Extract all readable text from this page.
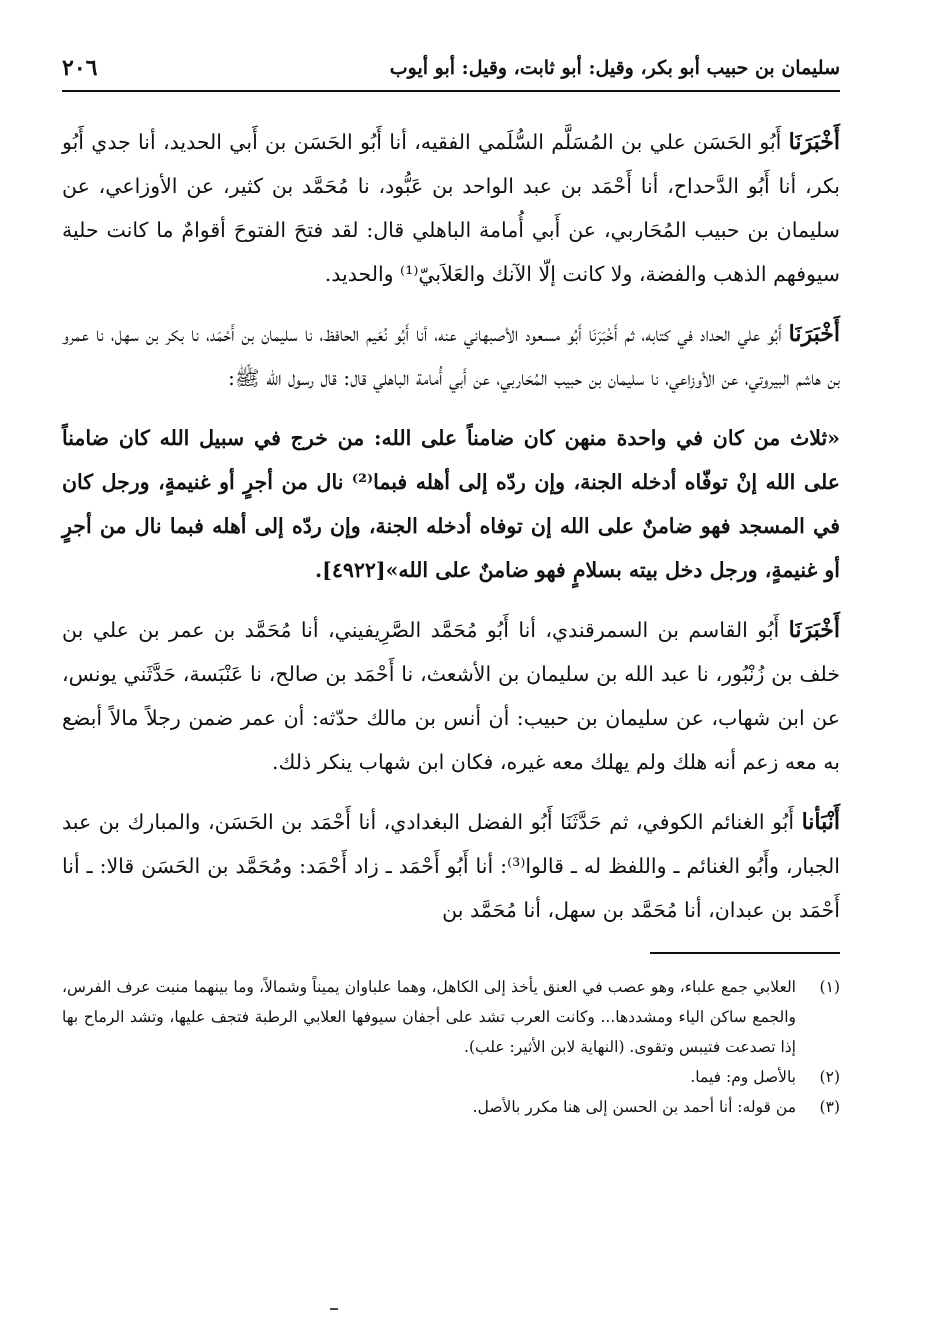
سليمان بن حبيب أبو بكر، وقيل: أبو ثابت، وقيل: أبو أيوب
٢٠٦

أَخْبَرَنَا أَبُو الحَسَن علي بن المُسَلَّم السُّلَمي الفقيه، أنا أَبُو الحَسَن بن أَبي الحديد، أنا جدي أَبُو بكر، أنا أَبُو الدَّحداح، أنا أَحْمَد بن عبد الواحد بن عَبُّود، نا مُحَمَّد بن كثير، عن الأوزاعي، عن سليمان بن حبيب المُحَاربي، عن أَبي أُمامة الباهلي قال: لقد فتحَ الفتوحَ أقوامٌ ما كانت حلية سيوفهم الذهب والفضة، ولا كانت إلّا الآنك والعَلاَبيّ⁽¹⁾ والحديد.

أَخْبَرَنَا أَبُو علي الحداد في كتابه، ثم أَخْبَرَنَا أَبُو مسعود الأصبهاني عنه، أنا أَبُو نُعَيم الحافظ، نا سليمان بن أَحْمَد، نا بكر بن سهل، نا عمرو بن هاشم البيروتي، عن الأوزاعي، نا سليمان بن حبيب المُحَاربي، عن أَبي أُمامة الباهلي قال: قال رسول الله ﷺ:

«ثلاث من كان في واحدة منهن كان ضامناً على الله: من خرج في سبيل الله كان ضامناً على الله إنْ توفّاه أدخله الجنة، وإن ردّه إلى أهله فبما⁽²⁾ نال من أجرٍ أو غنيمةٍ، ورجل كان في المسجد فهو ضامنٌ على الله إن توفاه أدخله الجنة، وإن ردّه إلى أهله فبما نال من أجرٍ أو غنيمةٍ، ورجل دخل بيته بسلامٍ فهو ضامنٌ على الله»[٤٩٢٢].

أَخْبَرَنَا أَبُو القاسم بن السمرقندي، أنا أَبُو مُحَمَّد الصَّرِيفيني، أنا مُحَمَّد بن عمر بن علي بن خلف بن زُنْبُور، نا عبد الله بن سليمان بن الأشعث، نا أَحْمَد بن صالح، نا عَنْبَسة، حَدَّثَني يونس، عن ابن شهاب، عن سليمان بن حبيب: أن أنس بن مالك حدّثه: أن عمر ضمن رجلاً مالاً أبضع به معه زعم أنه هلك ولم يهلك معه غيره، فكان ابن شهاب ينكر ذلك.

أَنْبَأنا أَبُو الغنائم الكوفي، ثم حَدَّثَنَا أَبُو الفضل البغدادي، أنا أَحْمَد بن الحَسَن، والمبارك بن عبد الجبار، وأَبُو الغنائم ـ واللفظ له ـ قالوا⁽³⁾: أنا أَبُو أَحْمَد ـ زاد أَحْمَد: ومُحَمَّد بن الحَسَن قالا: ـ أنا أَحْمَد بن عبدان، أنا مُحَمَّد بن سهل، أنا مُحَمَّد بن

(١)
العلابي جمع علباء، وهو عصب في العنق يأخذ إلى الكاهل، وهما علباوان يميناً وشمالاً، وما بينهما منبت عرف الفرس، والجمع ساكن الياء ومشددها... وكانت العرب تشد على أجفان سيوفها العلابي الرطبة فتجف عليها، وتشد الرماح بها إذا تصدعت فتيبس وتقوى. (النهاية لابن الأثير: علب).
(٢)
بالأصل وم: فيما.
(٣)
من قوله: أنا أحمد بن الحسن إلى هنا مكرر بالأصل.
